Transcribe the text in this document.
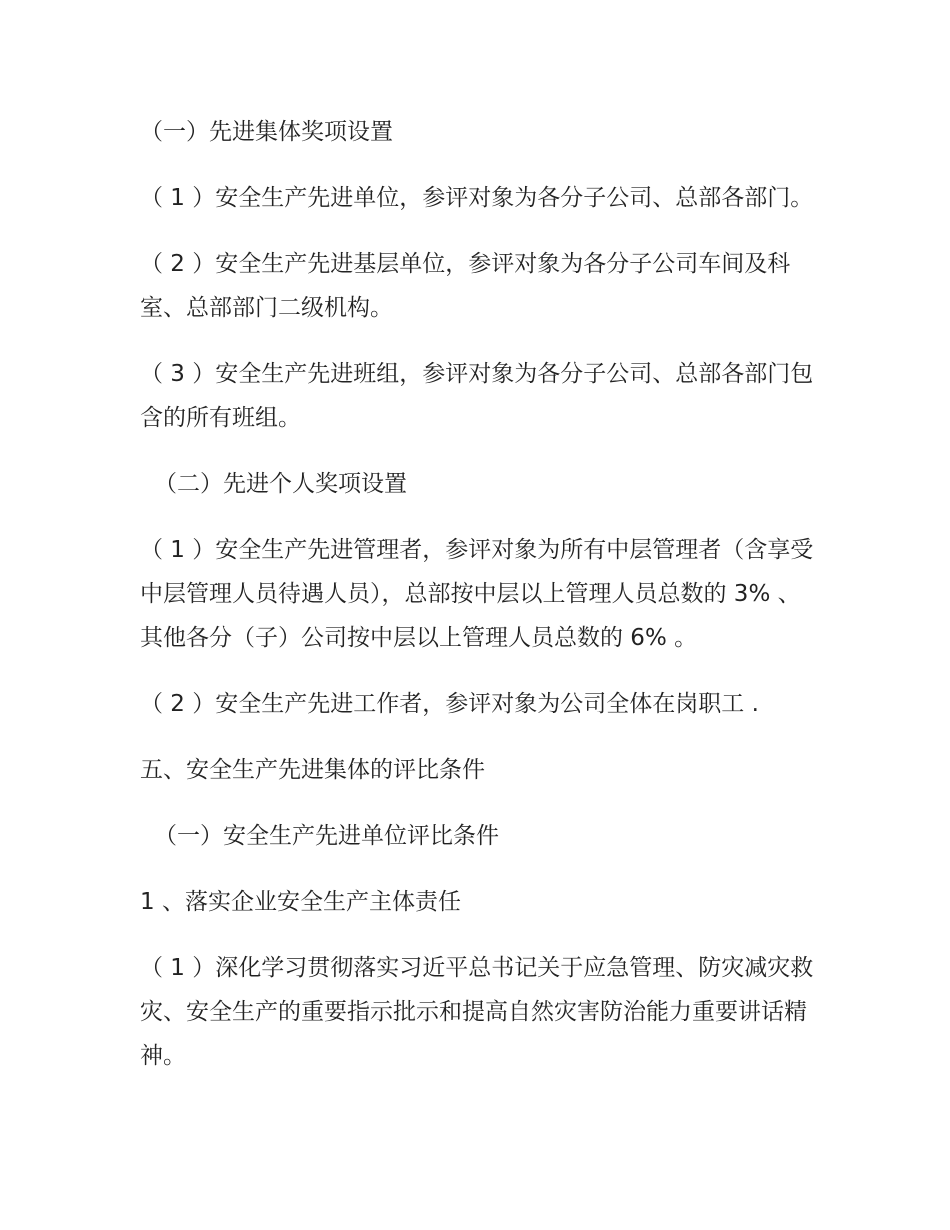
（一）先进集体奖项设置

（ 1 ）安全生产先进单位，参评对象为各分子公司、总部各部门。

（ 2 ）安全生产先进基层单位，参评对象为各分子公司车间及科室、总部部门二级机构。

（ 3 ）安全生产先进班组，参评对象为各分子公司、总部各部门包含的所有班组。

（二）先进个人奖项设置

（ 1 ）安全生产先进管理者，参评对象为所有中层管理者（含享受中层管理人员待遇人员），总部按中层以上管理人员总数的 3% 、其他各分（子）公司按中层以上管理人员总数的 6% 。

（ 2 ）安全生产先进工作者，参评对象为公司全体在岗职工 .

五、安全生产先进集体的评比条件

（一）安全生产先进单位评比条件

1 、落实企业安全生产主体责任

（ 1 ）深化学习贯彻落实习近平总书记关于应急管理、防灾减灾救灾、安全生产的重要指示批示和提高自然灾害防治能力重要讲话精神。
